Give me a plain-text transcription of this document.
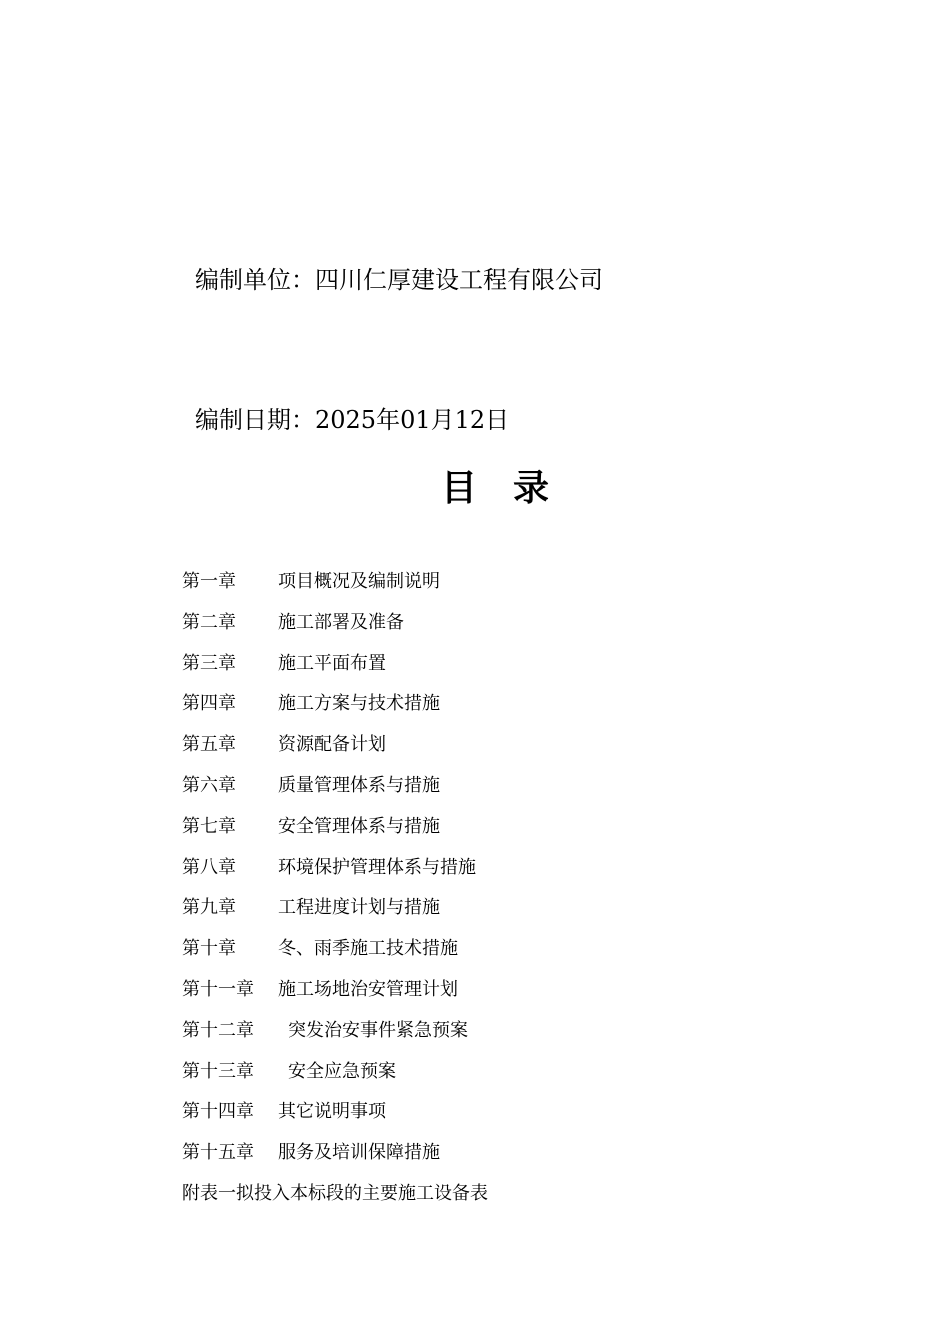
编制单位：四川仁厚建设工程有限公司
编制日期：2025年01月12日
目录
第一章 项目概况及编制说明
第二章 施工部署及准备
第三章 施工平面布置
第四章 施工方案与技术措施
第五章 资源配备计划
第六章 质量管理体系与措施
第七章 安全管理体系与措施
第八章 环境保护管理体系与措施
第九章 工程进度计划与措施
第十章 冬、雨季施工技术措施
第十一章 施工场地治安管理计划
第十二章 突发治安事件紧急预案
第十三章 安全应急预案
第十四章 其它说明事项
第十五章 服务及培训保障措施
附表一拟投入本标段的主要施工设备表
